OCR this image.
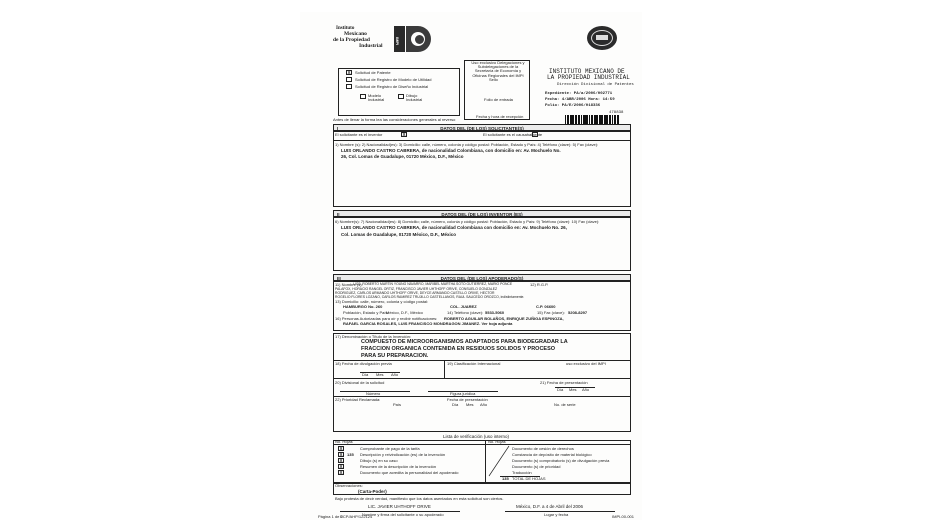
Instituto
Mexicano
de la Propiedad
Industrial
IMPI
X	Solicitud de Patente
Solicitud de Registro de Modelo de Utilidad
Solicitud de Registro de Diseño Industrial
Modelo Industrial
Dibujo Industrial
Antes de llenar la forma lea las consideraciones generales al reverso
Uso exclusivo Delegaciones y Subdelegaciones de la Secretaría de Economía y Oficinas Regionales del IMPI
Sello
Folio de entrada
Fecha y hora de recepción
INSTITUTO MEXICANO DE
LA PROPIEDAD INDUSTRIAL
Dirección Divisional de Patentes
Expediente: PA/a/2006/002771
Fecha: 4/ABR/2006 Hora: 14:59
Folio: PA/E/2006/018336
478838
I	DATOS DEL (DE LOS) SOLICITANTE(S)
El solicitante es el inventor	X	El solicitante es el causahabiente
1) Nombre (s): 2) Nacionalidad(es): 3) Domicilio: calle, número, colonia y código postal: Población, Estado y País: 4) Teléfono (clave): 5) Fax (clave):
LUIS ORLANDO CASTRO CABRERA, de nacionalidad Colombiana, con domicilio en: Av. Mochuelo No.
26, Col. Lomas de Guadalupe, 01720 México, D.F., México
II	DATOS DEL (DE LOS) INVENTOR (ES)
6) Nombre(s): 7) Nacionalidad(es): 8) Domicilio; calle, número, colonia y código postal: Población, Estado y País: 9) Teléfono (clave): 10) Fax (clave):
LUIS ORLANDO CASTRO CABRERA, de nacionalidad Colombiana con domicilio en: Av. Mochuelo No. 26,
Col. Lomas de Guadalupe, 01720 México, D.F., México
III	DATOS DEL (DE LOS) APODERADO(S)
11) Nombre (s):
LICS. ROBERTO MARTIN YOUNG NAVARRO, MARIBEL MARTHA SOTO GUTIERREZ, MARIO PONCE
PALAFOX, HORACIO RANGEL ORTIZ, FRANCISCO JAVIER UHTHOFF ORIVE, CONSUELO GONZALEZ
RODRIGUEZ, CARLOS ARMANDO UHTHOFF ORIVE, DEYCE ARMANDO CASTILLO ORIVE, HECTOR
ROGELIO FLORES LOZANO, CARLOS RAMIREZ TRUJILLO CASTELLANOS, RAUL SAUCEDO OROZCO, indistintamente.
12) R.G.P.
13) Domicilio: calle, número, colonia y código postal:
HAMBURGO No. 260	COL. JUAREZ	C.P. 06600
Población, Estado y País:
México, D.F., México	14) Teléfono (clave): 5533-5060	15) Fax (clave): 5208-8297
16) Personas Autorizadas para oír y recibir notificaciones: ROBERTO AGUILAR BOLAÑOS, ENRIQUE ZUÑIGA ESPINOZA,
RAFAEL GARCIA ROSALES, LUIS FRANCISCO MONDRAGON JIMANEZ. Ver hoja adjunta
17) Denominación o Título de la Invención:
COMPUESTO DE MICROORGANISMOS ADAPTADOS PARA BIODEGRADAR LA
FRACCION ORGANICA CONTENIDA EN RESIDUOS SOLIDOS Y PROCESO
PARA SU PREPARACION.
18) Fecha de divulgación previa	19) Clasificación Internacional	uso exclusivo del IMPI
Día Mes Año
20) Divisional de la solicitud	21) Fecha de presentación
Número	Figura jurídica
Día Mes Año
22) Prioridad Reclamada:	Fecha de presentación
País	Día Mes Año	No. de serie
Lista de verificación (uso interno)
No. Hojas	No. Hojas
X	Comprobante de pago de la tarifa
X	135 Descripción y reivindicación (es) de la invención
X	Dibujo (s) en su caso
X	Resumen de la descripción de la invención
X	Documento que acredita la personalidad del apoderado
Documento de cesión de derechos
Constancia de depósito de material biológico
Documento (s) comprobatorio (s) de divulgación previa
Documento (s) de prioridad
Traducción
135 TOTAL DE HOJAS
Observaciones:
(Carta-Poder)
Bajo protesta de decir verdad, manifiesto que los datos asentados en esta solicitud son ciertos.
LIC. JAVIER UHTHOFF ORIVE	México, D.F. a 4 de Abril del 2006
Nombre y firma del solicitante o su apoderado	Lugar y fecha
Página 1 de 2
RCP/AHP/122124	IMPI-00-001
